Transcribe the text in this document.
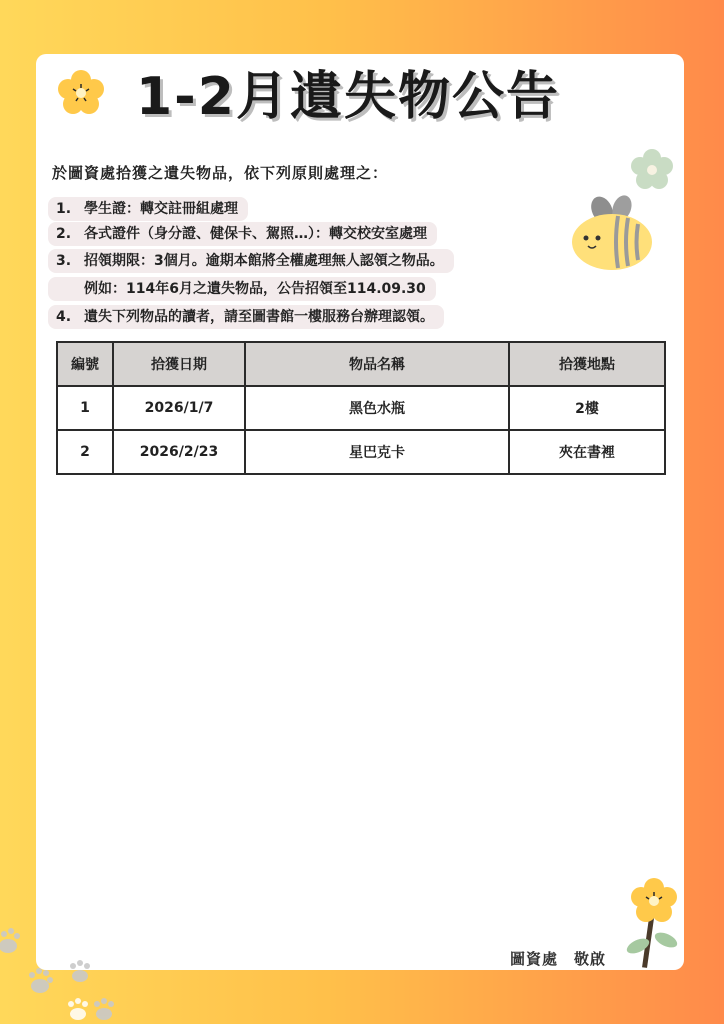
1-2月遺失物公告
於圖資處拾獲之遺失物品，依下列原則處理之：
1. 學生證：轉交註冊組處理
2. 各式證件（身分證、健保卡、駕照…）：轉交校安室處理
3. 招領期限：3個月。逾期本館將全權處理無人認領之物品。
例如：114年6月之遺失物品，公告招領至114.09.30
4. 遺失下列物品的讀者，請至圖書館一樓服務台辦理認領。
編號	拾獲日期	物品名稱	拾獲地點
1	2026/1/7	黑色水瓶	2樓
2	2026/2/23	星巴克卡	夾在書裡
圖資處　敬啟
